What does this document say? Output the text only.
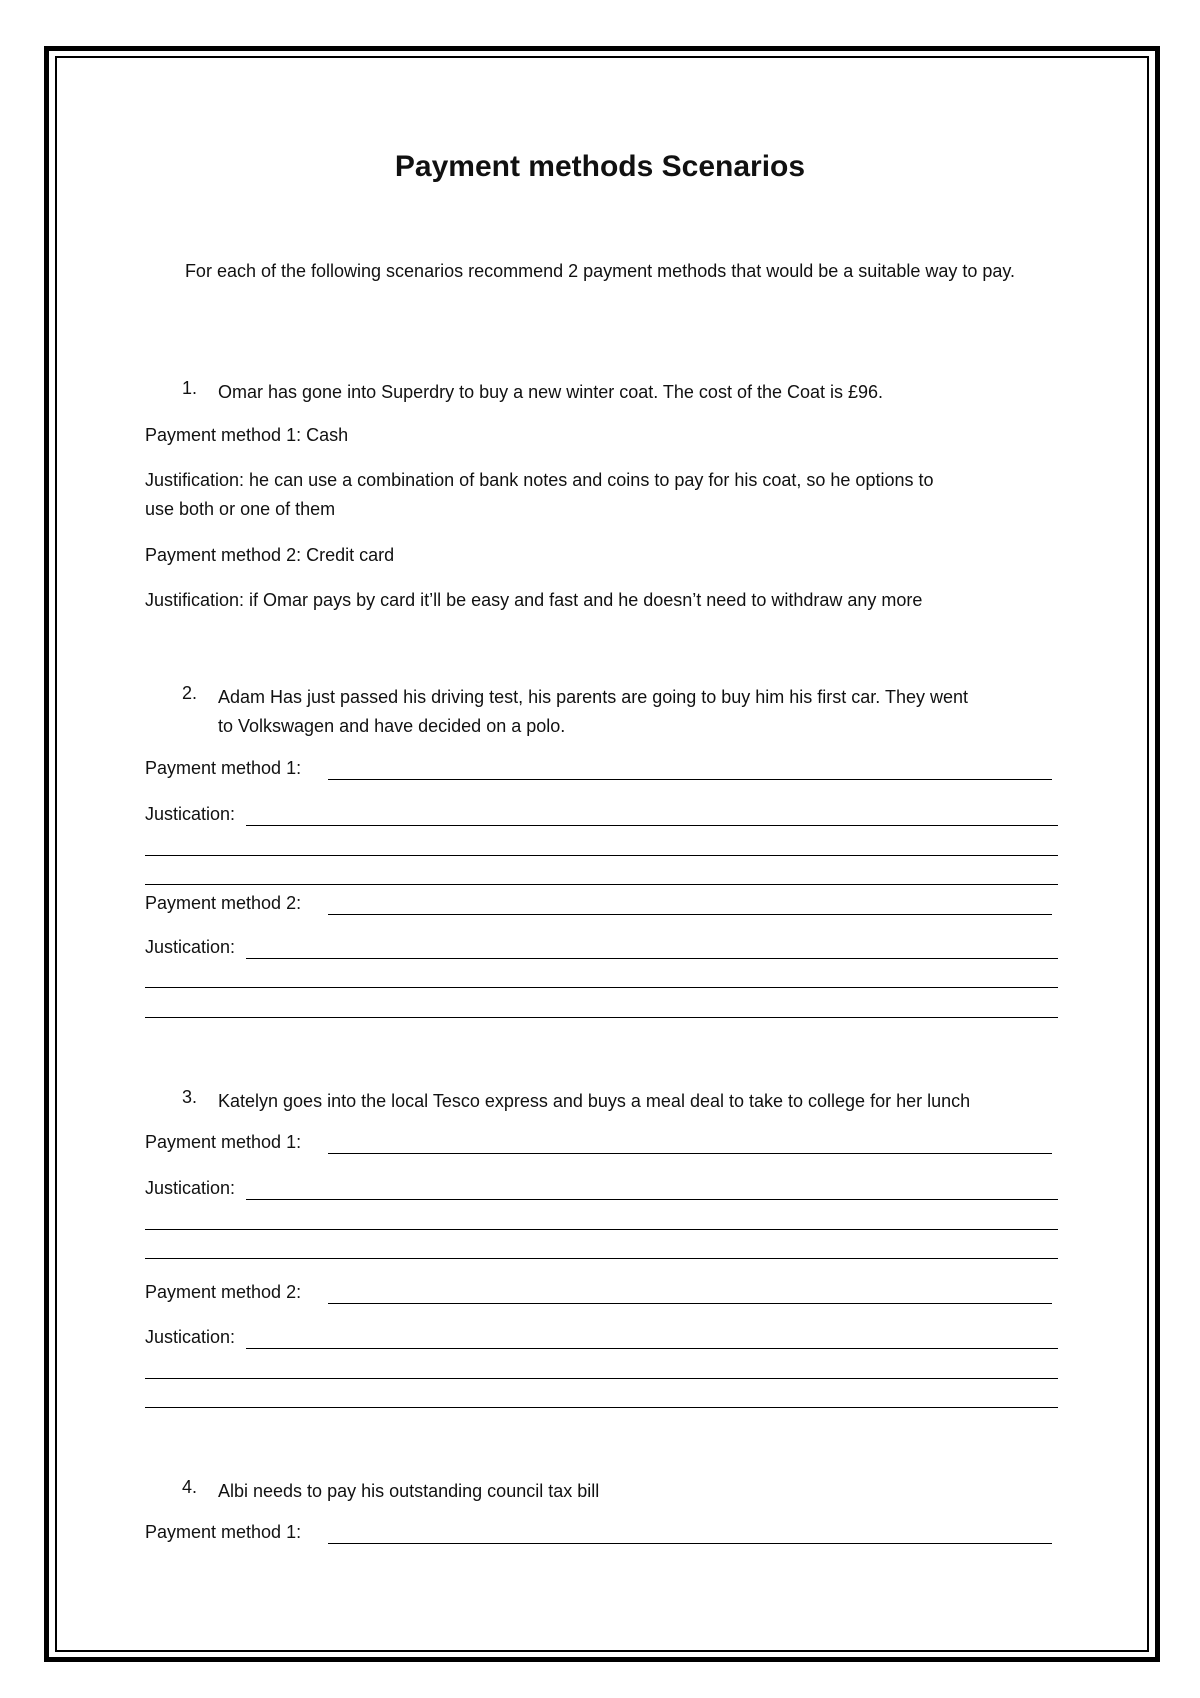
Payment methods Scenarios
For each of the following scenarios recommend 2 payment methods that would be a suitable way to pay.
1. Omar has gone into Superdry to buy a new winter coat. The cost of the Coat is £96.
Payment method 1: Cash
Justification: he can use a combination of bank notes and coins to pay for his coat, so he options to
use both or one of them
Payment method 2: Credit card
Justification: if Omar pays by card it’ll be easy and fast and he doesn’t need to withdraw any more
2. Adam Has just passed his driving test, his parents are going to buy him his first car. They went
to Volkswagen and have decided on a polo.
Payment method 1:
Justication:
Payment method 2:
Justication:
3. Katelyn goes into the local Tesco express and buys a meal deal to take to college for her lunch
Payment method 1:
Justication:
Payment method 2:
Justication:
4. Albi needs to pay his outstanding council tax bill
Payment method 1:
